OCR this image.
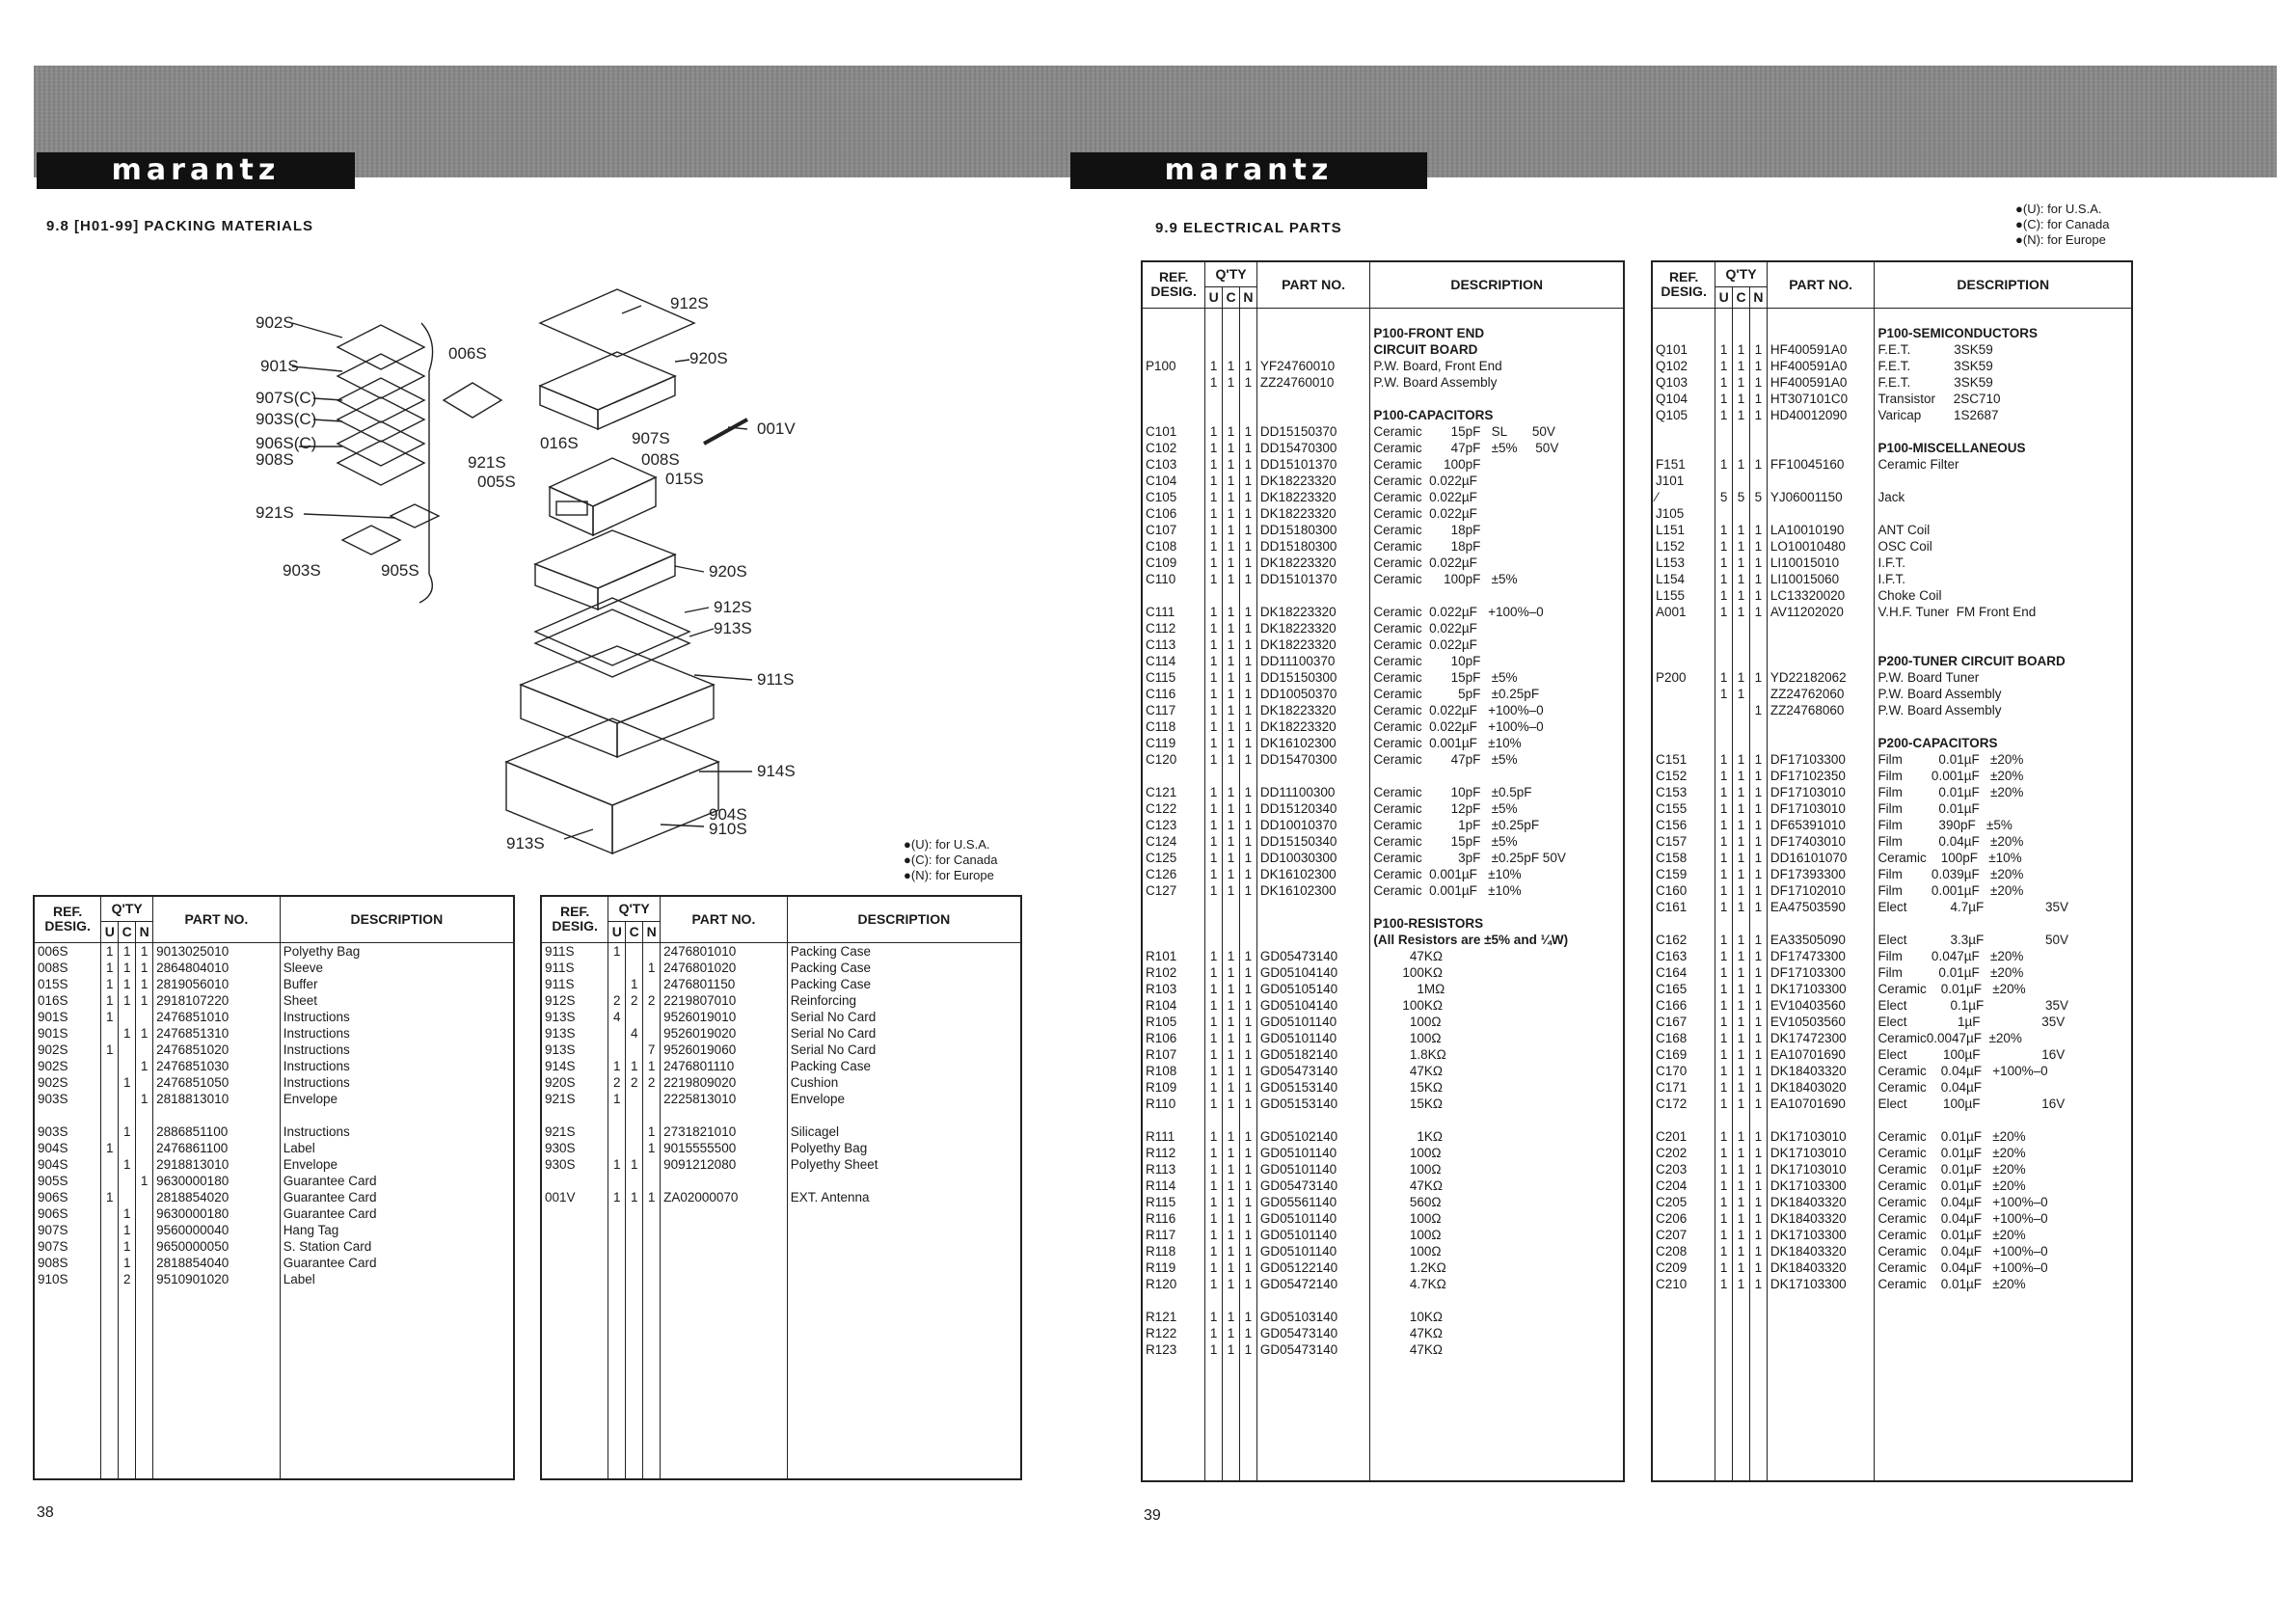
marantz	marantz
9.8 [H01-99] PACKING MATERIALS	9.9 ELECTRICAL PARTS
● (U): for U.S.A.
● (C): for Canada
● (N): for Europe
● (U): for U.S.A.
● (C): for Canada
● (N): for Europe
902S
901S
907S(C)
903S(C)
906S(C)
908S
921S
903S	905S
006S
912S
920S
001V
016S
921S
907S
008S
005S	015S
920S
912S
913S
911S
914S
904S
910S
913S
REF.
DESIG.	Q'TY			PART NO.	DESCRIPTION
	U	C	N		
006S	1	1	1	9013025010	Polyethy Bag
008S	1	1	1	2864804010	Sleeve
015S	1	1	1	2819056010	Buffer
016S	1	1	1	2918107220	Sheet
901S	1			2476851010	Instructions
901S		1	1	2476851310	Instructions
902S	1			2476851020	Instructions
902S			1	2476851030	Instructions
902S		1		2476851050	Instructions
903S			1	2818813010	Envelope

903S		1		2886851100	Instructions
904S	1			2476861100	Label
904S		1		2918813010	Envelope
905S			1	9630000180	Guarantee Card
906S	1			2818854020	Guarantee Card
906S		1		9630000180	Guarantee Card
907S		1		9560000040	Hang Tag
907S		1		9650000050	S. Station Card
908S		1		2818854040	Guarantee Card
910S		2		9510901020	Label

REF.
DESIG.	Q'TY			PART NO.	DESCRIPTION
	U	C	N		
911S	1			2476801010	Packing Case
911S			1	2476801020	Packing Case
911S		1		2476801150	Packing Case
912S	2	2	2	2219807010	Reinforcing
913S	4			9526019010	Serial No Card
913S		4		9526019020	Serial No Card
913S			7	9526019060	Serial No Card
914S	1	1	1	2476801110	Packing Case
920S	2	2	2	2219809020	Cushion
921S	1			2225813010	Envelope

921S			1	2731821010	Silicagel
930S			1	9015555500	Polyethy Bag
930S	1	1		9091212080	Polyethy Sheet

001V	1	1	1	ZA02000070	EXT. Antenna

REF.
DESIG.	Q'TY			PART NO.	DESCRIPTION
	U	C	N		

					P100-FRONT END
					CIRCUIT BOARD
P100	1	1	1	YF24760010	P.W. Board, Front End
	1	1	1	ZZ24760010	P.W. Board Assembly

					P100-CAPACITORS
C101	1	1	1	DD15150370	Ceramic        15pF   SL       50V
C102	1	1	1	DD15470300	Ceramic        47pF   ±5%     50V
C103	1	1	1	DD15101370	Ceramic      100pF
C104	1	1	1	DK18223320	Ceramic  0.022µF
C105	1	1	1	DK18223320	Ceramic  0.022µF
C106	1	1	1	DK18223320	Ceramic  0.022µF
C107	1	1	1	DD15180300	Ceramic        18pF
C108	1	1	1	DD15180300	Ceramic        18pF
C109	1	1	1	DK18223320	Ceramic  0.022µF
C110	1	1	1	DD15101370	Ceramic      100pF   ±5%

C111	1	1	1	DK18223320	Ceramic  0.022µF   +100%–0
C112	1	1	1	DK18223320	Ceramic  0.022µF
C113	1	1	1	DK18223320	Ceramic  0.022µF
C114	1	1	1	DD11100370	Ceramic        10pF
C115	1	1	1	DD15150300	Ceramic        15pF   ±5%
C116	1	1	1	DD10050370	Ceramic          5pF   ±0.25pF
C117	1	1	1	DK18223320	Ceramic  0.022µF   +100%–0
C118	1	1	1	DK18223320	Ceramic  0.022µF   +100%–0
C119	1	1	1	DK16102300	Ceramic  0.001µF   ±10%
C120	1	1	1	DD15470300	Ceramic        47pF   ±5%

C121	1	1	1	DD11100300	Ceramic        10pF   ±0.5pF
C122	1	1	1	DD15120340	Ceramic        12pF   ±5%
C123	1	1	1	DD10010370	Ceramic          1pF   ±0.25pF
C124	1	1	1	DD15150340	Ceramic        15pF   ±5%
C125	1	1	1	DD10030300	Ceramic          3pF   ±0.25pF 50V
C126	1	1	1	DK16102300	Ceramic  0.001µF   ±10%
C127	1	1	1	DK16102300	Ceramic  0.001µF   ±10%

					P100-RESISTORS
					(All Resistors are ±5% and ¼W)
R101	1	1	1	GD05473140	47KΩ
R102	1	1	1	GD05104140	100KΩ
R103	1	1	1	GD05105140	1MΩ
R104	1	1	1	GD05104140	100KΩ
R105	1	1	1	GD05101140	100Ω
R106	1	1	1	GD05101140	100Ω
R107	1	1	1	GD05182140	1.8KΩ
R108	1	1	1	GD05473140	47KΩ
R109	1	1	1	GD05153140	15KΩ
R110	1	1	1	GD05153140	15KΩ

R111	1	1	1	GD05102140	1KΩ
R112	1	1	1	GD05101140	100Ω
R113	1	1	1	GD05101140	100Ω
R114	1	1	1	GD05473140	47KΩ
R115	1	1	1	GD05561140	560Ω
R116	1	1	1	GD05101140	100Ω
R117	1	1	1	GD05101140	100Ω
R118	1	1	1	GD05101140	100Ω
R119	1	1	1	GD05122140	1.2KΩ
R120	1	1	1	GD05472140	4.7KΩ

R121	1	1	1	GD05103140	10KΩ
R122	1	1	1	GD05473140	47KΩ
R123	1	1	1	GD05473140	47KΩ

REF.
DESIG.	Q'TY			PART NO.	DESCRIPTION
	U	C	N		

					P100-SEMICONDUCTORS
Q101	1	1	1	HF400591A0	F.E.T.            3SK59
Q102	1	1	1	HF400591A0	F.E.T.            3SK59
Q103	1	1	1	HF400591A0	F.E.T.            3SK59
Q104	1	1	1	HT307101C0	Transistor     2SC710
Q105	1	1	1	HD40012090	Varicap         1S2687

					P100-MISCELLANEOUS
F151	1	1	1	FF10045160	Ceramic Filter
J101					
⁄	5	5	5	YJ06001150	Jack
J105					
L151	1	1	1	LA10010190	ANT Coil
L152	1	1	1	LO10010480	OSC Coil
L153	1	1	1	LI10015010	I.F.T.
L154	1	1	1	LI10015060	I.F.T.
L155	1	1	1	LC13320020	Choke Coil
A001	1	1	1	AV11202020	V.H.F. Tuner  FM Front End

					P200-TUNER CIRCUIT BOARD
P200	1	1	1	YD22182062	P.W. Board Tuner
	1	1		ZZ24762060	P.W. Board Assembly
			1	ZZ24768060	P.W. Board Assembly

					P200-CAPACITORS
C151	1	1	1	DF17103300	Film          0.01µF   ±20%
C152	1	1	1	DF17102350	Film        0.001µF   ±20%
C153	1	1	1	DF17103010	Film          0.01µF   ±20%
C155	1	1	1	DF17103010	Film          0.01µF
C156	1	1	1	DF65391010	Film          390pF   ±5%
C157	1	1	1	DF17403010	Film          0.04µF   ±20%
C158	1	1	1	DD16101070	Ceramic    100pF   ±10%
C159	1	1	1	DF17393300	Film        0.039µF   ±20%
C160	1	1	1	DF17102010	Film        0.001µF   ±20%
C161	1	1	1	EA47503590	Elect            4.7µF                 35V

C162	1	1	1	EA33505090	Elect            3.3µF                 50V
C163	1	1	1	DF17473300	Film        0.047µF   ±20%
C164	1	1	1	DF17103300	Film          0.01µF   ±20%
C165	1	1	1	DK17103300	Ceramic    0.01µF   ±20%
C166	1	1	1	EV10403560	Elect            0.1µF                 35V
C167	1	1	1	EV10503560	Elect              1µF                 35V
C168	1	1	1	DK17472300	Ceramic0.0047µF  ±20%
C169	1	1	1	EA10701690	Elect          100µF                 16V
C170	1	1	1	DK18403320	Ceramic    0.04µF   +100%–0
C171	1	1	1	DK18403020	Ceramic    0.04µF
C172	1	1	1	EA10701690	Elect          100µF                 16V

C201	1	1	1	DK17103010	Ceramic    0.01µF   ±20%
C202	1	1	1	DK17103010	Ceramic    0.01µF   ±20%
C203	1	1	1	DK17103010	Ceramic    0.01µF   ±20%
C204	1	1	1	DK17103300	Ceramic    0.01µF   ±20%
C205	1	1	1	DK18403320	Ceramic    0.04µF   +100%–0
C206	1	1	1	DK18403320	Ceramic    0.04µF   +100%–0
C207	1	1	1	DK17103300	Ceramic    0.01µF   ±20%
C208	1	1	1	DK18403320	Ceramic    0.04µF   +100%–0
C209	1	1	1	DK18403320	Ceramic    0.04µF   +100%–0
C210	1	1	1	DK17103300	Ceramic    0.01µF   ±20%

38	39
